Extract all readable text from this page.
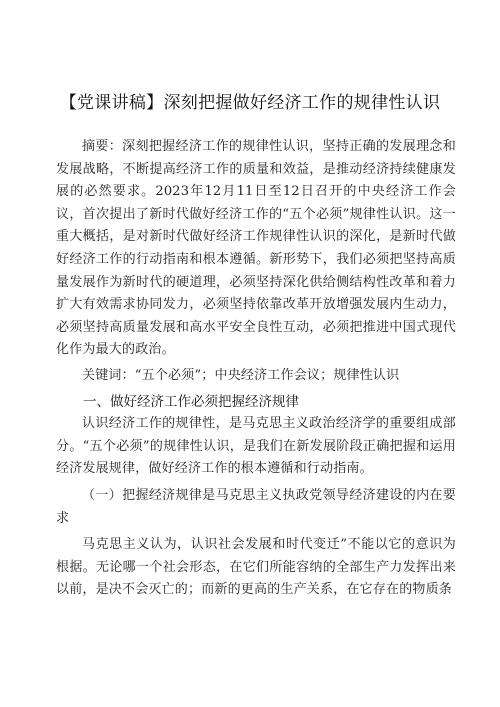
【党课讲稿】深刻把握做好经济工作的规律性认识

摘要：深刻把握经济工作的规律性认识，坚持正确的发展理念和发展战略，不断提高经济工作的质量和效益，是推动经济持续健康发展的必然要求。2023年12月11日至12日召开的中央经济工作会议，首次提出了新时代做好经济工作的“五个必须”规律性认识。这一重大概括，是对新时代做好经济工作规律性认识的深化，是新时代做好经济工作的行动指南和根本遵循。新形势下，我们必须把坚持高质量发展作为新时代的硬道理，必须坚持深化供给侧结构性改革和着力扩大有效需求协同发力，必须坚持依靠改革开放增强发展内生动力，必须坚持高质量发展和高水平安全良性互动，必须把推进中国式现代化作为最大的政治。

关键词：“五个必须”；中央经济工作会议；规律性认识

一、做好经济工作必须把握经济规律

认识经济工作的规律性，是马克思主义政治经济学的重要组成部分。“五个必须”的规律性认识，是我们在新发展阶段正确把握和运用经济发展规律，做好经济工作的根本遵循和行动指南。

（一）把握经济规律是马克思主义执政党领导经济建设的内在要求

马克思主义认为，认识社会发展和时代变迁”不能以它的意识为根据。无论哪一个社会形态，在它们所能容纳的全部生产力发挥出来以前，是决不会灭亡的；而新的更高的生产关系，在它存在的物质条
